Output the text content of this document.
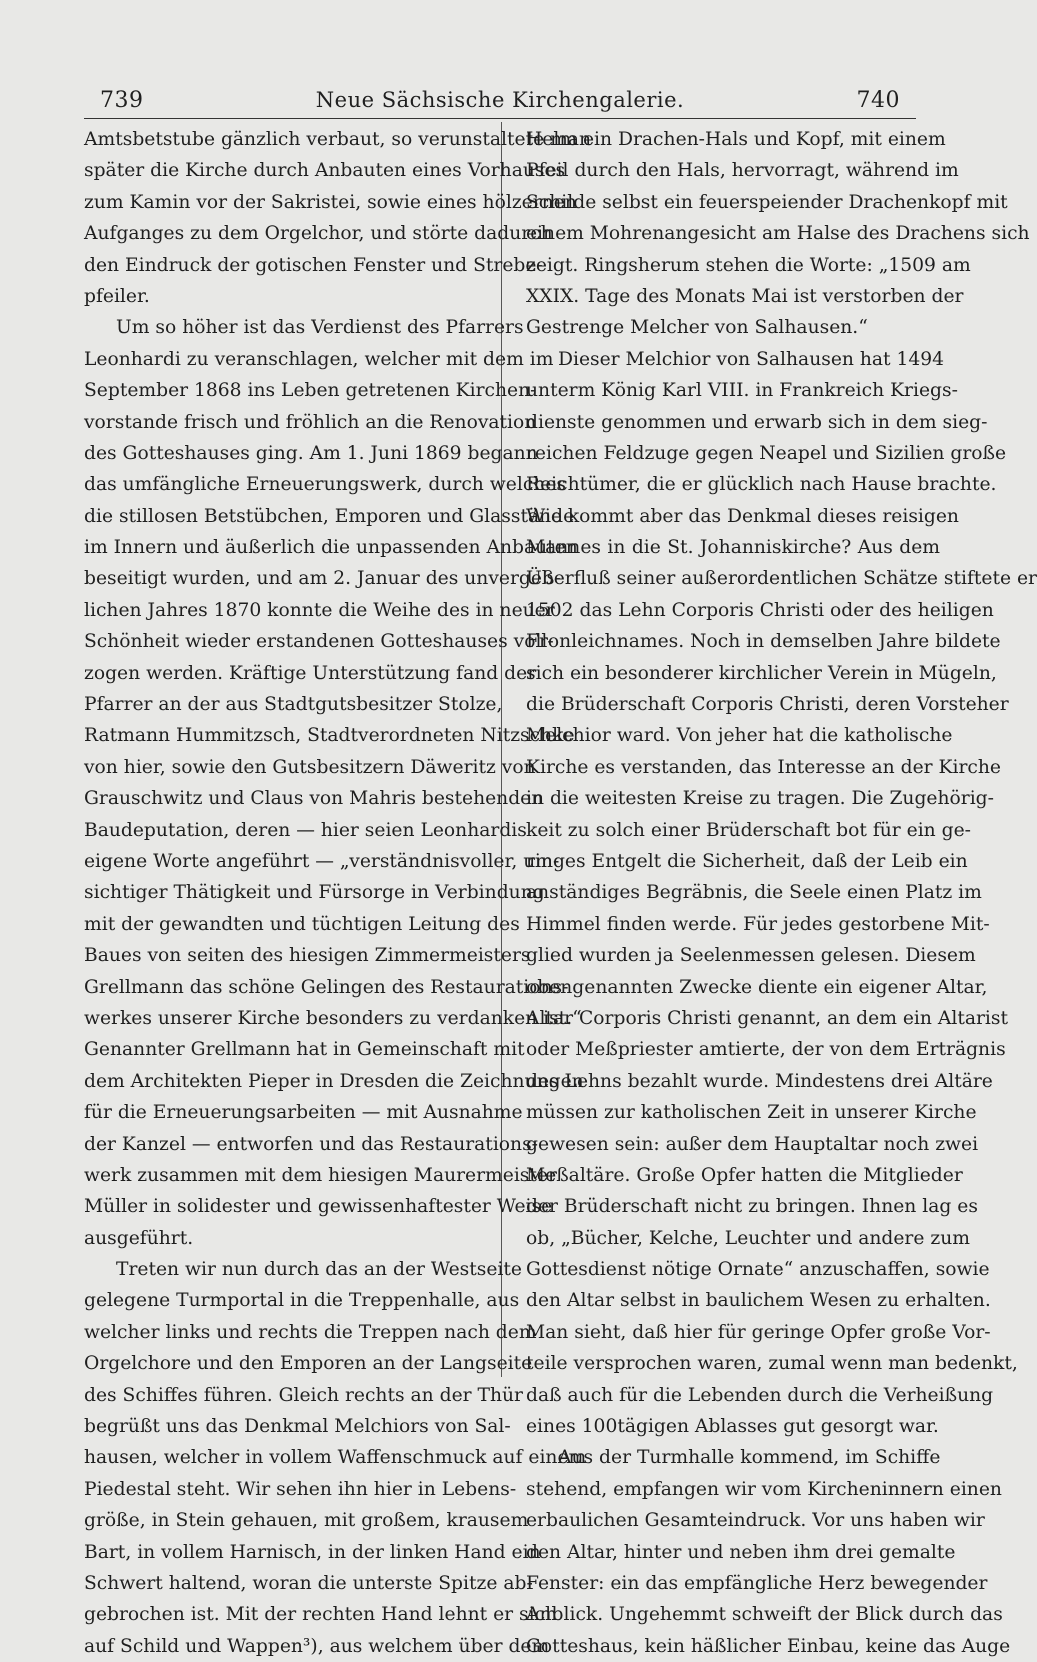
739	Neue Sächsische Kirchengalerie.	740
Amtsbetstube gänzlich verbaut, so verunstaltete man
später die Kirche durch Anbauten eines Vorhauses
zum Kamin vor der Sakristei, sowie eines hölzernen
Aufganges zu dem Orgelchor, und störte dadurch
den Eindruck der gotischen Fenster und Strebe-
pfeiler.
Um so höher ist das Verdienst des Pfarrers
Leonhardi zu veranschlagen, welcher mit dem im
September 1868 ins Leben getretenen Kirchen-
vorstande frisch und fröhlich an die Renovation
des Gotteshauses ging. Am 1. Juni 1869 begann
das umfängliche Erneuerungswerk, durch welches
die stillosen Betstübchen, Emporen und Glasstände
im Innern und äußerlich die unpassenden Anbauten
beseitigt wurden, und am 2. Januar des unvergeß-
lichen Jahres 1870 konnte die Weihe des in neuer
Schönheit wieder erstandenen Gotteshauses voll-
zogen werden. Kräftige Unterstützung fand der
Pfarrer an der aus Stadtgutsbesitzer Stolze,
Ratmann Hummitzsch, Stadtverordneten Nitzschke
von hier, sowie den Gutsbesitzern Däweritz von
Grauschwitz und Claus von Mahris bestehenden
Baudeputation, deren — hier seien Leonhardis
eigene Worte angeführt — „verständnisvoller, um-
sichtiger Thätigkeit und Fürsorge in Verbindung
mit der gewandten und tüchtigen Leitung des
Baues von seiten des hiesigen Zimmermeisters
Grellmann das schöne Gelingen des Restaurations-
werkes unserer Kirche besonders zu verdanken ist.“
Genannter Grellmann hat in Gemeinschaft mit
dem Architekten Pieper in Dresden die Zeichnungen
für die Erneuerungsarbeiten — mit Ausnahme
der Kanzel — entworfen und das Restaurations-
werk zusammen mit dem hiesigen Maurermeister
Müller in solidester und gewissenhaftester Weise
ausgeführt.
Treten wir nun durch das an der Westseite
gelegene Turmportal in die Treppenhalle, aus
welcher links und rechts die Treppen nach dem
Orgelchore und den Emporen an der Langseite
des Schiffes führen. Gleich rechts an der Thür
begrüßt uns das Denkmal Melchiors von Sal-
hausen, welcher in vollem Waffenschmuck auf einem
Piedestal steht. Wir sehen ihn hier in Lebens-
größe, in Stein gehauen, mit großem, krausem
Bart, in vollem Harnisch, in der linken Hand ein
Schwert haltend, woran die unterste Spitze ab-
gebrochen ist. Mit der rechten Hand lehnt er sich
auf Schild und Wappen³), aus welchem über dem
Helm ein Drachen-Hals und Kopf, mit einem
Pfeil durch den Hals, hervorragt, während im
Schilde selbst ein feuerspeiender Drachenkopf mit
einem Mohrenangesicht am Halse des Drachens sich
zeigt. Ringsherum stehen die Worte: „1509 am
XXIX. Tage des Monats Mai ist verstorben der
Gestrenge Melcher von Salhausen.“
Dieser Melchior von Salhausen hat 1494
unterm König Karl VIII. in Frankreich Kriegs-
dienste genommen und erwarb sich in dem sieg-
reichen Feldzuge gegen Neapel und Sizilien große
Reichtümer, die er glücklich nach Hause brachte.
Wie kommt aber das Denkmal dieses reisigen
Mannes in die St. Johanniskirche? Aus dem
Überfluß seiner außerordentlichen Schätze stiftete er
1502 das Lehn Corporis Christi oder des heiligen
Fronleichnames. Noch in demselben Jahre bildete
sich ein besonderer kirchlicher Verein in Mügeln,
die Brüderschaft Corporis Christi, deren Vorsteher
Melchior ward. Von jeher hat die katholische
Kirche es verstanden, das Interesse an der Kirche
in die weitesten Kreise zu tragen. Die Zugehörig-
keit zu solch einer Brüderschaft bot für ein ge-
ringes Entgelt die Sicherheit, daß der Leib ein
anständiges Begräbnis, die Seele einen Platz im
Himmel finden werde. Für jedes gestorbene Mit-
glied wurden ja Seelenmessen gelesen. Diesem
obengenannten Zwecke diente ein eigener Altar,
Altar Corporis Christi genannt, an dem ein Altarist
oder Meßpriester amtierte, der von dem Erträgnis
des Lehns bezahlt wurde. Mindestens drei Altäre
müssen zur katholischen Zeit in unserer Kirche
gewesen sein: außer dem Hauptaltar noch zwei
Meßaltäre. Große Opfer hatten die Mitglieder
der Brüderschaft nicht zu bringen. Ihnen lag es
ob, „Bücher, Kelche, Leuchter und andere zum
Gottesdienst nötige Ornate“ anzuschaffen, sowie
den Altar selbst in baulichem Wesen zu erhalten.
Man sieht, daß hier für geringe Opfer große Vor-
teile versprochen waren, zumal wenn man bedenkt,
daß auch für die Lebenden durch die Verheißung
eines 100tägigen Ablasses gut gesorgt war.
Aus der Turmhalle kommend, im Schiffe
stehend, empfangen wir vom Kircheninnern einen
erbaulichen Gesamteindruck. Vor uns haben wir
den Altar, hinter und neben ihm drei gemalte
Fenster: ein das empfängliche Herz bewegender
Anblick. Ungehemmt schweift der Blick durch das
Gotteshaus, kein häßlicher Einbau, keine das Auge
